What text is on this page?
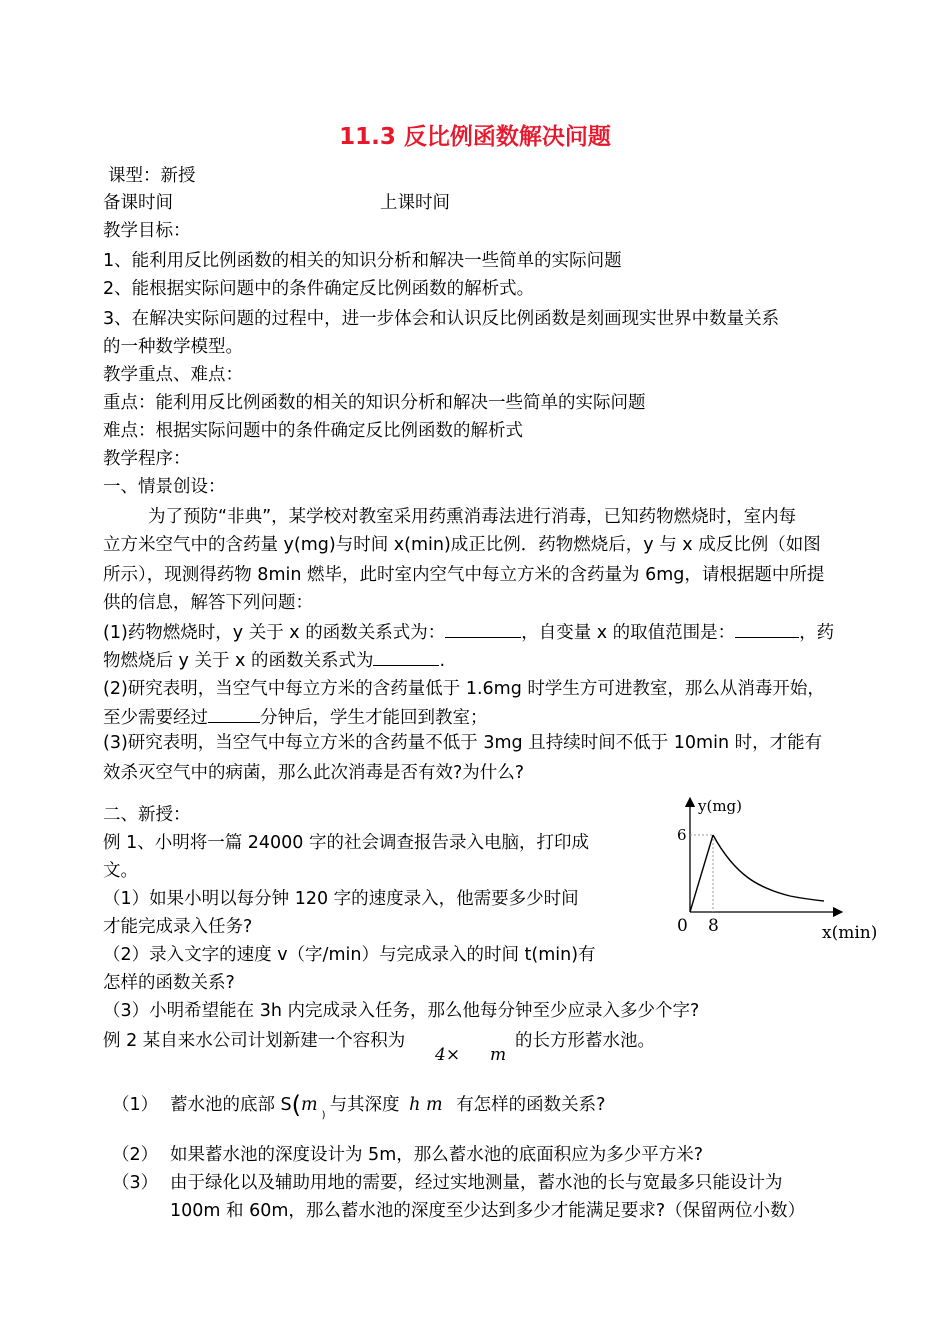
11.3 反比例函数解决问题
课型：新授
备课时间	上课时间
教学目标：
1、能利用反比例函数的相关的知识分析和解决一些简单的实际问题
2、能根据实际问题中的条件确定反比例函数的解析式。
3、在解决实际问题的过程中，进一步体会和认识反比例函数是刻画现实世界中数量关系
的一种数学模型。
教学重点、难点：
重点：能利用反比例函数的相关的知识分析和解决一些简单的实际问题
难点：根据实际问题中的条件确定反比例函数的解析式
教学程序：
一、情景创设：
为了预防“非典”，某学校对教室采用药熏消毒法进行消毒，已知药物燃烧时，室内每
立方米空气中的含药量 y(mg)与时间 x(min)成正比例．药物燃烧后，y 与 x 成反比例（如图
所示），现测得药物 8min 燃毕，此时室内空气中每立方米的含药量为 6mg，请根据题中所提
供的信息，解答下列问题：
(1)药物燃烧时，y 关于 x 的函数关系式为：	，自变量 x 的取值范围是：	，药
物燃烧后 y 关于 x 的函数关系式为	.
(2)研究表明，当空气中每立方米的含药量低于 1.6mg 时学生方可进教室，那么从消毒开始，
至少需要经过	分钟后，学生才能回到教室；
(3)研究表明，当空气中每立方米的含药量不低于 3mg 且持续时间不低于 10min 时，才能有
效杀灭空气中的病菌，那么此次消毒是否有效?为什么?
二、新授：
例 1、小明将一篇 24000 字的社会调查报告录入电脑，打印成
文。
（1）如果小明以每分钟 120 字的速度录入，他需要多少时间
才能完成录入任务?
（2）录入文字的速度 v（字/min）与完成录入的时间 t(min)有
怎样的函数关系?
（3）小明希望能在 3h 内完成录入任务，那么他每分钟至少应录入多少个字?
例 2 某自来水公司计划新建一个容积为
4× m
的长方形蓄水池。
（1） 蓄水池的底部 $S(m_)$与其深度 h m 有怎样的函数关系?
（2） 如果蓄水池的深度设计为 5m，那么蓄水池的底面积应为多少平方米?
（3） 由于绿化以及辅助用地的需要，经过实地测量，蓄水池的长与宽最多只能设计为
100m 和 60m，那么蓄水池的深度至少达到多少才能满足要求?（保留两位小数）
y(mg)
6
0 8	x(min)
